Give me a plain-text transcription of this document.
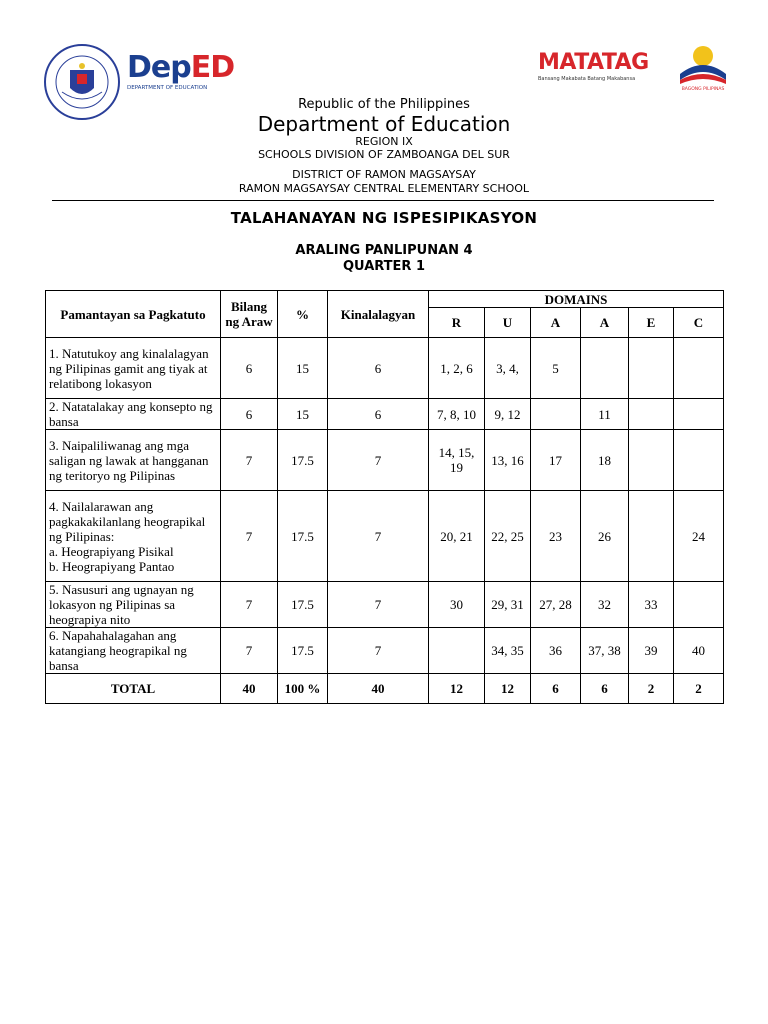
DepED
DEPARTMENT OF EDUCATION
MATATAG
Bansang Makabata Batang Makabansa
BAGONG PILIPINAS
Republic of the Philippines
Department of Education
REGION IX
SCHOOLS DIVISION OF ZAMBOANGA DEL SUR
DISTRICT OF RAMON MAGSAYSAY
RAMON MAGSAYSAY CENTRAL ELEMENTARY SCHOOL
TALAHANAYAN NG ISPESIPIKASYON
ARALING PANLIPUNAN 4
QUARTER 1
Pamantayan sa Pagkatuto	Bilang ng Araw	%	Kinalalagyan	DOMAINS					
				R	U	A	A	E	C
1. Natutukoy ang kinalalagyan ng Pilipinas gamit ang tiyak at relatibong lokasyon	6	15	6	1, 2, 6	3, 4,	5			
2. Natatalakay ang konsepto ng bansa	6	15	6	7, 8, 10	9, 12		11		
3. Naipaliliwanag ang mga saligan ng lawak at hangganan ng teritoryo ng Pilipinas	7	17.5	7	14, 15, 19	13, 16	17	18		
4. Nailalarawan ang pagkakakilanlang heograpikal ng Pilipinas:
a. Heograpiyang Pisikal
b. Heograpiyang Pantao	7	17.5	7	20, 21	22, 25	23	26		24
5. Nasusuri ang ugnayan ng lokasyon ng Pilipinas sa heograpiya nito	7	17.5	7	30	29, 31	27, 28	32	33	
6. Napahahalagahan ang katangiang heograpikal ng bansa	7	17.5	7		34, 35	36	37, 38	39	40
TOTAL	40	100 %	40	12	12	6	6	2	2
